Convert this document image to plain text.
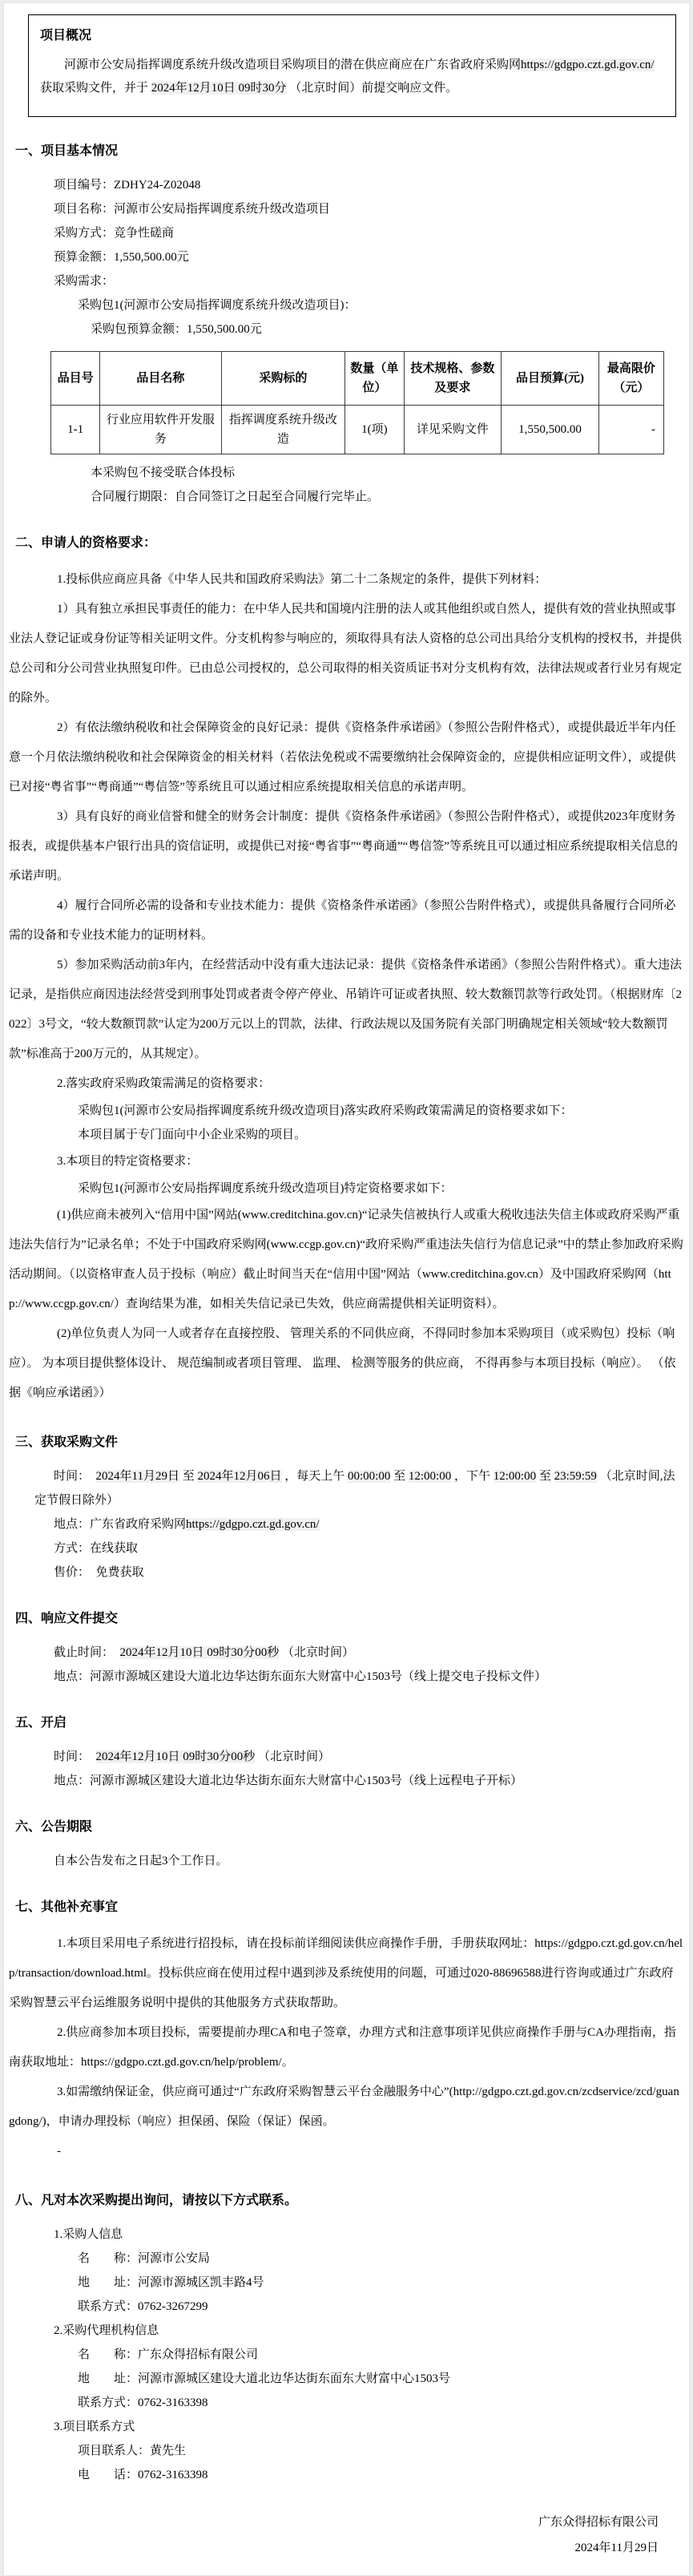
项目概况

河源市公安局指挥调度系统升级改造项目采购项目的潜在供应商应在广东省政府采购网https://gdgpo.czt.gd.gov.cn/获取采购文件，并于 2024年12月10日 09时30分 （北京时间）前提交响应文件。

一、项目基本情况

项目编号：ZDHY24-Z02048

项目名称：河源市公安局指挥调度系统升级改造项目

采购方式：竞争性磋商

预算金额：1,550,500.00元

采购需求：

采购包1(河源市公安局指挥调度系统升级改造项目)：

采购包预算金额：1,550,500.00元

品目号	品目名称	采购标的	数量（单位）	技术规格、参数及要求	品目预算(元)	最高限价（元）
1-1	行业应用软件开发服务	指挥调度系统升级改造	1(项)	详见采购文件	1,550,500.00	-

本采购包不接受联合体投标

合同履行期限：自合同签订之日起至合同履行完毕止。

二、申请人的资格要求：

1.投标供应商应具备《中华人民共和国政府采购法》第二十二条规定的条件，提供下列材料：

1）具有独立承担民事责任的能力：在中华人民共和国境内注册的法人或其他组织或自然人，提供有效的营业执照或事业法人登记证或身份证等相关证明文件。分支机构参与响应的，须取得具有法人资格的总公司出具给分支机构的授权书，并提供总公司和分公司营业执照复印件。已由总公司授权的，总公司取得的相关资质证书对分支机构有效，法律法规或者行业另有规定的除外。

2）有依法缴纳税收和社会保障资金的良好记录：提供《资格条件承诺函》（参照公告附件格式），或提供最近半年内任意一个月依法缴纳税收和社会保障资金的相关材料（若依法免税或不需要缴纳社会保障资金的，应提供相应证明文件），或提供已对接“粤省事”“粤商通”“粤信签”等系统且可以通过相应系统提取相关信息的承诺声明。

3）具有良好的商业信誉和健全的财务会计制度：提供《资格条件承诺函》（参照公告附件格式），或提供2023年度财务报表，或提供基本户银行出具的资信证明，或提供已对接“粤省事”“粤商通”“粤信签”等系统且可以通过相应系统提取相关信息的承诺声明。

4）履行合同所必需的设备和专业技术能力：提供《资格条件承诺函》（参照公告附件格式），或提供具备履行合同所必需的设备和专业技术能力的证明材料。

5）参加采购活动前3年内，在经营活动中没有重大违法记录：提供《资格条件承诺函》（参照公告附件格式）。重大违法记录，是指供应商因违法经营受到刑事处罚或者责令停产停业、吊销许可证或者执照、较大数额罚款等行政处罚。（根据财库〔2022〕3号文，“较大数额罚款”认定为200万元以上的罚款，法律、行政法规以及国务院有关部门明确规定相关领域“较大数额罚款”标准高于200万元的，从其规定）。

2.落实政府采购政策需满足的资格要求：

采购包1(河源市公安局指挥调度系统升级改造项目)落实政府采购政策需满足的资格要求如下：

本项目属于专门面向中小企业采购的项目。

3.本项目的特定资格要求：

采购包1(河源市公安局指挥调度系统升级改造项目)特定资格要求如下：

(1)供应商未被列入“信用中国”网站(www.creditchina.gov.cn)“记录失信被执行人或重大税收违法失信主体或政府采购严重违法失信行为”记录名单；不处于中国政府采购网(www.ccgp.gov.cn)“政府采购严重违法失信行为信息记录”中的禁止参加政府采购活动期间。（以资格审查人员于投标（响应）截止时间当天在“信用中国”网站（www.creditchina.gov.cn）及中国政府采购网（http://www.ccgp.gov.cn/）查询结果为准，如相关失信记录已失效，供应商需提供相关证明资料）。

(2)单位负责人为同一人或者存在直接控股、 管理关系的不同供应商，不得同时参加本采购项目（或采购包）投标（响应）。 为本项目提供整体设计、 规范编制或者项目管理、 监理、 检测等服务的供应商， 不得再参与本项目投标（响应）。 （依据《响应承诺函》）

三、获取采购文件

时间：　2024年11月29日 至 2024年12月06日 ，每天上午 00:00:00 至 12:00:00 ，下午 12:00:00 至 23:59:59 （北京时间,法定节假日除外）

地点：广东省政府采购网https://gdgpo.czt.gd.gov.cn/

方式：在线获取

售价：　免费获取

四、响应文件提交

截止时间：　2024年12月10日 09时30分00秒 （北京时间）

地点：河源市源城区建设大道北边华达街东面东大财富中心1503号（线上提交电子投标文件）

五、开启

时间：　2024年12月10日 09时30分00秒 （北京时间）

地点：河源市源城区建设大道北边华达街东面东大财富中心1503号（线上远程电子开标）

六、公告期限

自本公告发布之日起3个工作日。

七、其他补充事宜

1.本项目采用电子系统进行招投标，请在投标前详细阅读供应商操作手册，手册获取网址：https://gdgpo.czt.gd.gov.cn/help/transaction/download.html。投标供应商在使用过程中遇到涉及系统使用的问题，可通过020-88696588进行咨询或通过广东政府采购智慧云平台运维服务说明中提供的其他服务方式获取帮助。

2.供应商参加本项目投标，需要提前办理CA和电子签章，办理方式和注意事项详见供应商操作手册与CA办理指南，指南获取地址：https://gdgpo.czt.gd.gov.cn/help/problem/。

3.如需缴纳保证金，供应商可通过“广东政府采购智慧云平台金融服务中心”(http://gdgpo.czt.gd.gov.cn/zcdservice/zcd/guangdong/)，申请办理投标（响应）担保函、保险（保证）保函。

-

八、凡对本次采购提出询问，请按以下方式联系。

1.采购人信息

名　　称：河源市公安局

地　　址：河源市源城区凯丰路4号

联系方式：0762-3267299

2.采购代理机构信息

名　　称：广东众得招标有限公司

地　　址：河源市源城区建设大道北边华达街东面东大财富中心1503号

联系方式：0762-3163398

3.项目联系方式

项目联系人：黄先生

电　　话：0762-3163398

广东众得招标有限公司

2024年11月29日
